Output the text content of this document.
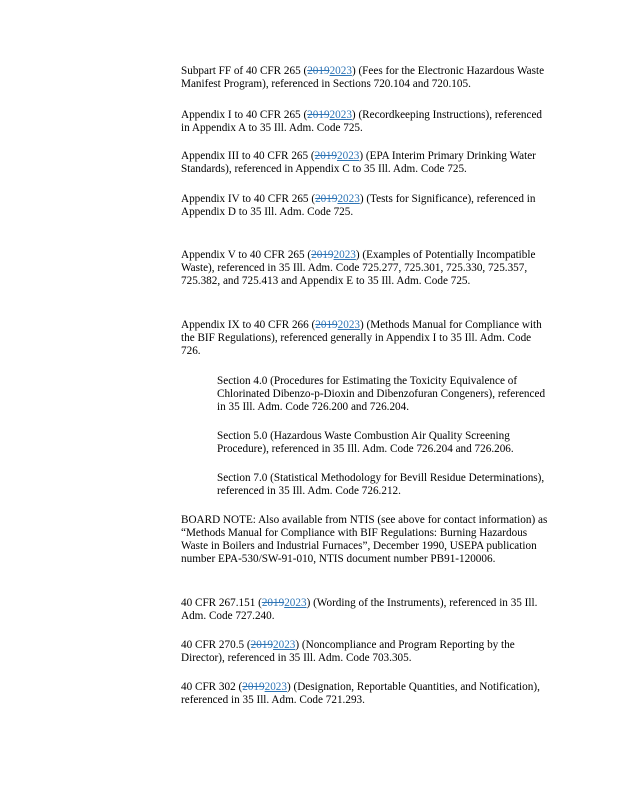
Subpart FF of 40 CFR 265 (20192023) (Fees for the Electronic Hazardous Waste Manifest Program), referenced in Sections 720.104 and 720.105.

Appendix I to 40 CFR 265 (20192023) (Recordkeeping Instructions), referenced in Appendix A to 35 Ill. Adm. Code 725.

Appendix III to 40 CFR 265 (20192023) (EPA Interim Primary Drinking Water Standards), referenced in Appendix C to 35 Ill. Adm. Code 725.

Appendix IV to 40 CFR 265 (20192023) (Tests for Significance), referenced in
Appendix D to 35 Ill. Adm. Code 725.

Appendix V to 40 CFR 265 (20192023) (Examples of Potentially Incompatible Waste), referenced in 35 Ill. Adm. Code 725.277, 725.301, 725.330, 725.357, 725.382, and 725.413 and Appendix E to 35 Ill. Adm. Code 725.

Appendix IX to 40 CFR 266 (20192023) (Methods Manual for Compliance with the BIF Regulations), referenced generally in Appendix I to 35 Ill. Adm. Code 726.

Section 4.0 (Procedures for Estimating the Toxicity Equivalence of Chlorinated Dibenzo-p-Dioxin and Dibenzofuran Congeners), referenced in 35 Ill. Adm. Code 726.200 and 726.204.

Section 5.0 (Hazardous Waste Combustion Air Quality Screening Procedure), referenced in 35 Ill. Adm. Code 726.204 and 726.206.

Section 7.0 (Statistical Methodology for Bevill Residue Determinations), referenced in 35 Ill. Adm. Code 726.212.

BOARD NOTE: Also available from NTIS (see above for contact information) as “Methods Manual for Compliance with BIF Regulations: Burning Hazardous Waste in Boilers and Industrial Furnaces”, December 1990, USEPA publication number EPA-530/SW-91-010, NTIS document number PB91-120006.

40 CFR 267.151 (20192023) (Wording of the Instruments), referenced in 35 Ill. Adm. Code 727.240.

40 CFR 270.5 (20192023) (Noncompliance and Program Reporting by the Director), referenced in 35 Ill. Adm. Code 703.305.

40 CFR 302 (20192023) (Designation, Reportable Quantities, and Notification), referenced in 35 Ill. Adm. Code 721.293.
